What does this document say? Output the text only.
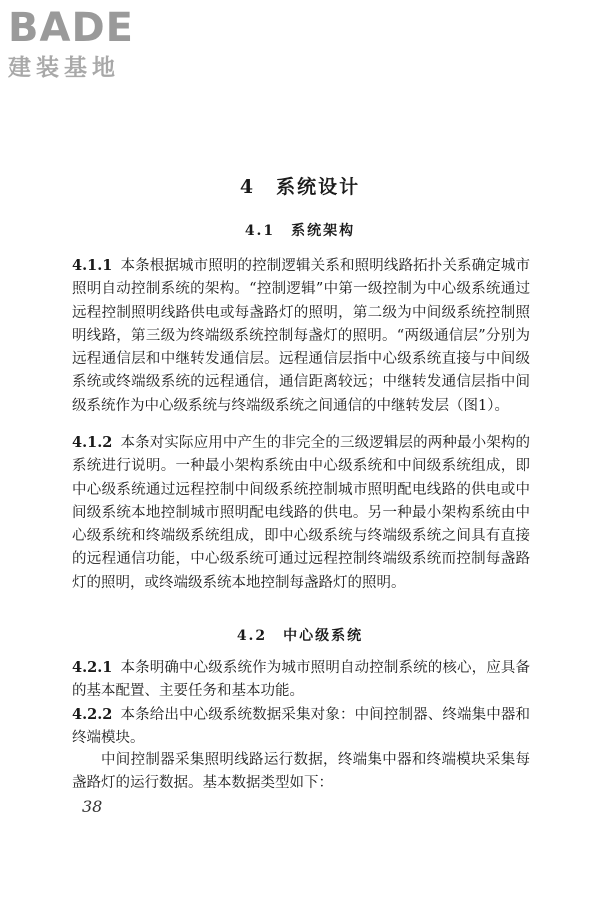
BADE
建装基地
4　系统设计
4.1　系统架构
4.1.1 本条根据城市照明的控制逻辑关系和照明线路拓扑关系确定城市照明自动控制系统的架构。“控制逻辑”中第一级控制为中心级系统通过远程控制照明线路供电或每盏路灯的照明，第二级为中间级系统控制照明线路，第三级为终端级系统控制每盏灯的照明。“两级通信层”分别为远程通信层和中继转发通信层。远程通信层指中心级系统直接与中间级系统或终端级系统的远程通信，通信距离较远；中继转发通信层指中间级系统作为中心级系统与终端级系统之间通信的中继转发层（图1）。
4.1.2 本条对实际应用中产生的非完全的三级逻辑层的两种最小架构的系统进行说明。一种最小架构系统由中心级系统和中间级系统组成，即中心级系统通过远程控制中间级系统控制城市照明配电线路的供电或中间级系统本地控制城市照明配电线路的供电。另一种最小架构系统由中心级系统和终端级系统组成，即中心级系统与终端级系统之间具有直接的远程通信功能，中心级系统可通过远程控制终端级系统而控制每盏路灯的照明，或终端级系统本地控制每盏路灯的照明。
4.2　中心级系统
4.2.1 本条明确中心级系统作为城市照明自动控制系统的核心，应具备的基本配置、主要任务和基本功能。
4.2.2 本条给出中心级系统数据采集对象：中间控制器、终端集中器和终端模块。
中间控制器采集照明线路运行数据，终端集中器和终端模块采集每盏路灯的运行数据。基本数据类型如下：
38
